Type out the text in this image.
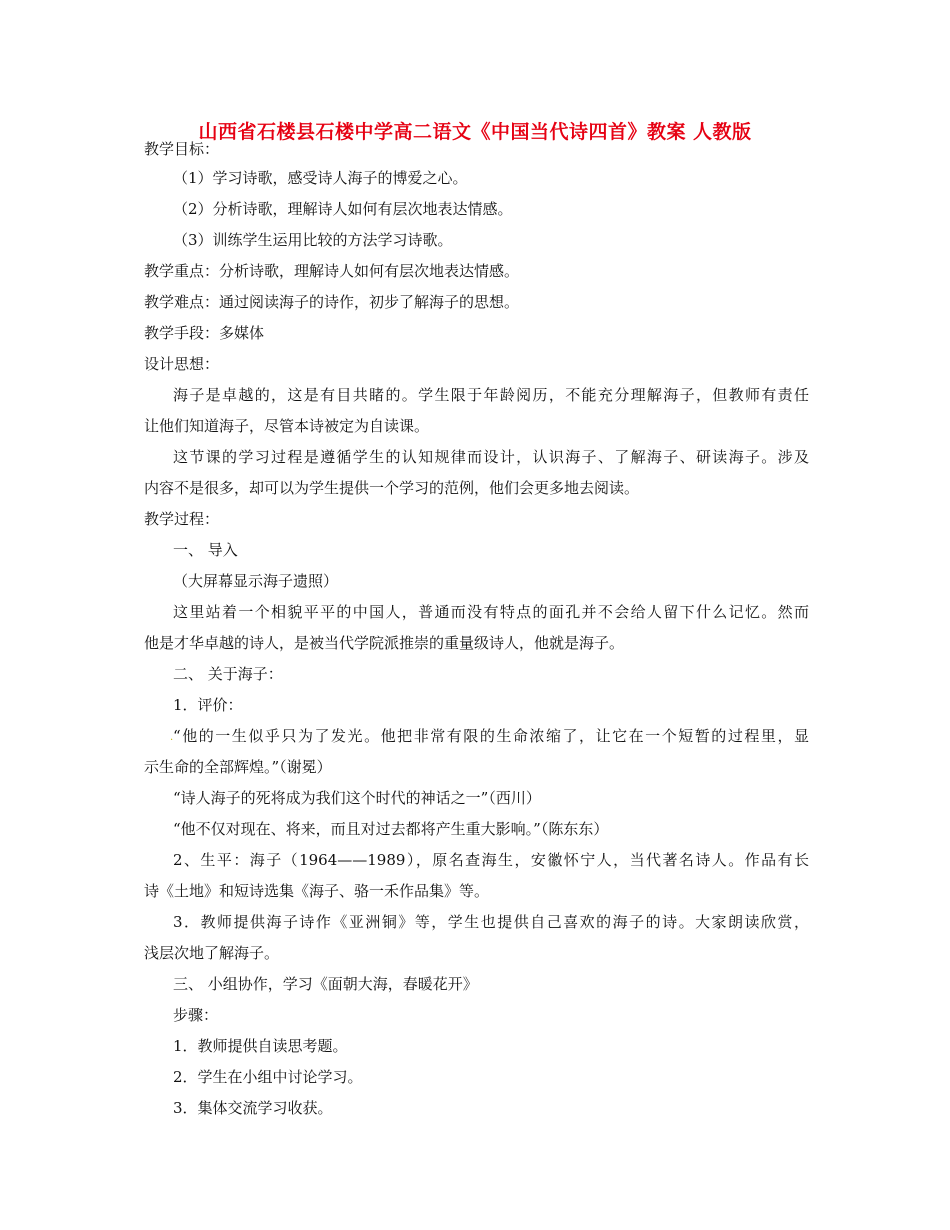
山西省石楼县石楼中学高二语文《中国当代诗四首》教案 人教版
教学目标：
（1）学习诗歌，感受诗人海子的博爱之心。
（2）分析诗歌，理解诗人如何有层次地表达情感。
（3）训练学生运用比较的方法学习诗歌。
教学重点：分析诗歌，理解诗人如何有层次地表达情感。
教学难点：通过阅读海子的诗作，初步了解海子的思想。
教学手段：多媒体
设计思想：
海子是卓越的，这是有目共睹的。学生限于年龄阅历，不能充分理解海子，但教师有责任
让他们知道海子，尽管本诗被定为自读课。
这节课的学习过程是遵循学生的认知规律而设计，认识海子、了解海子、研读海子。涉及
内容不是很多，却可以为学生提供一个学习的范例，他们会更多地去阅读。
教学过程：
一、 导入
（大屏幕显示海子遗照）
这里站着一个相貌平平的中国人，普通而没有特点的面孔并不会给人留下什么记忆。然而
他是才华卓越的诗人，是被当代学院派推崇的重量级诗人，他就是海子。
二、 关于海子：
1．评价：
. “他的一生似乎只为了发光。他把非常有限的生命浓缩了，让它在一个短暂的过程里，显
示生命的全部辉煌。”（谢冕）
“诗人海子的死将成为我们这个时代的神话之一”（西川）
“他不仅对现在、将来，而且对过去都将产生重大影响。”（陈东东）
2、生平：海子（1964——1989），原名查海生，安徽怀宁人，当代著名诗人。作品有长
诗《土地》和短诗选集《海子、骆一禾作品集》等。
3．教师提供海子诗作《亚洲铜》等，学生也提供自己喜欢的海子的诗。大家朗读欣赏，
浅层次地了解海子。
三、 小组协作，学习《面朝大海，春暖花开》
步骤：
1．教师提供自读思考题。
2．学生在小组中讨论学习。
3．集体交流学习收获。
